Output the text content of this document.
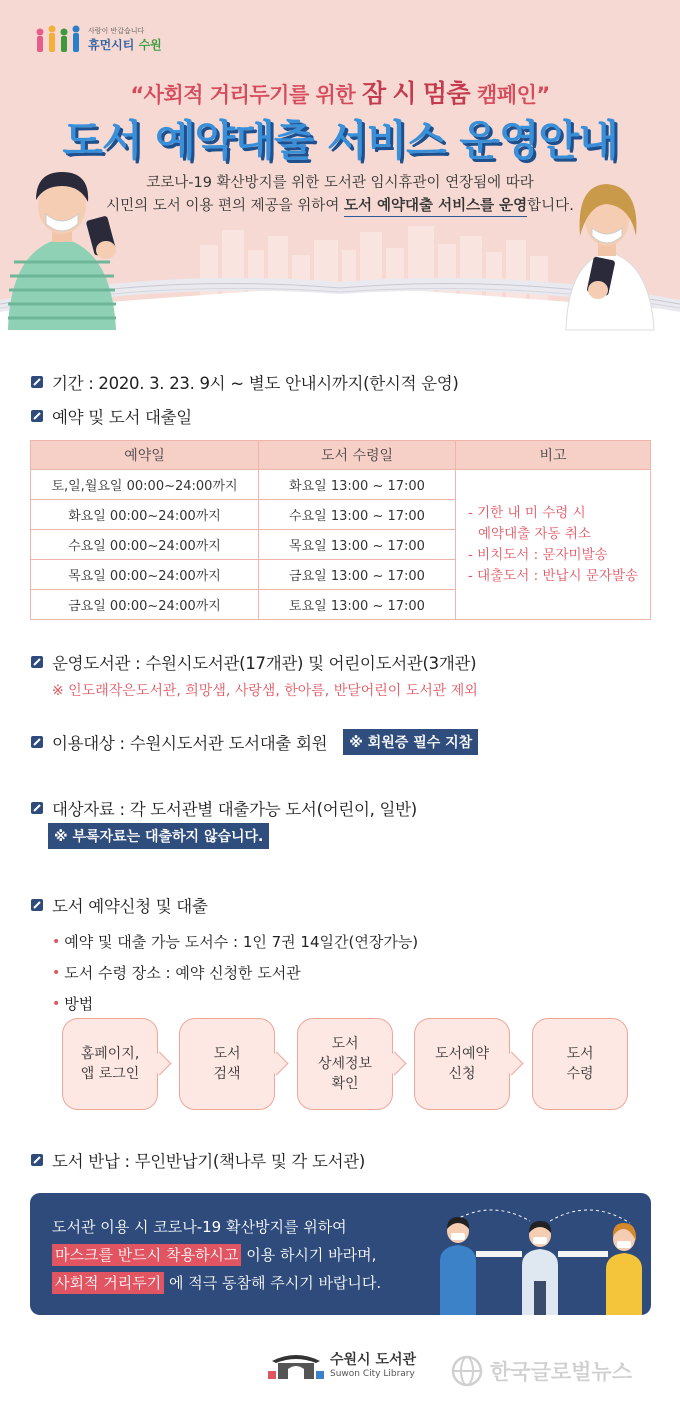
사람이 반갑습니다
휴먼시티 수원
“사회적 거리두기를 위한 잠 시 멈춤 캠페인”
도서 예약대출 서비스 운영안내
코로나-19 확산방지를 위한 도서관 임시휴관이 연장됨에 따라
시민의 도서 이용 편의 제공을 위하여 도서 예약대출 서비스를 운영합니다.
기간 : 2020. 3. 23. 9시 ~ 별도 안내시까지(한시적 운영)
예약 및 도서 대출일
예약일	도서 수령일	비고
토,일,월요일 00:00~24:00까지	화요일 13:00 ~ 17:00	- 기한 내 미 수령 시
예약대출 자동 취소
- 비치도서 : 문자미발송
- 대출도서 : 반납시 문자발송

화요일 00:00~24:00까지	수요일 13:00 ~ 17:00	
수요일 00:00~24:00까지	목요일 13:00 ~ 17:00	
목요일 00:00~24:00까지	금요일 13:00 ~ 17:00	
금요일 00:00~24:00까지	토요일 13:00 ~ 17:00	
운영도서관 : 수원시도서관(17개관) 및 어린이도서관(3개관)
※ 인도래작은도서관, 희망샘, 사랑샘, 한아름, 반달어린이 도서관 제외
이용대상 : 수원시도서관 도서대출 회원	※ 회원증 필수 지참
대상자료 : 각 도서관별 대출가능 도서(어린이, 일반)
※ 부록자료는 대출하지 않습니다.
도서 예약신청 및 대출
• 예약 및 대출 가능 도서수 : 1인 7권 14일간(연장가능)
• 도서 수령 장소 : 예약 신청한 도서관
• 방법
홈페이지,
앱 로그인
도서
검색
도서
상세정보
확인
도서예약
신청
도서
수령
도서 반납 : 무인반납기(책나루 및 각 도서관)
도서관 이용 시 코로나-19 확산방지를 위하여
마스크를 반드시 착용하시고 이용 하시기 바라며,
사회적 거리두기 에 적극 동참해 주시기 바랍니다.
수원시 도서관
Suwon City Library	한국글로벌뉴스
